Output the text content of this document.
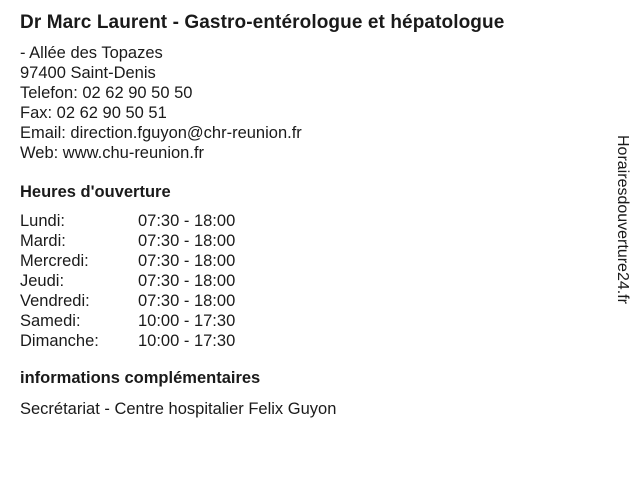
Dr Marc Laurent - Gastro-entérologue et hépatologue
- Allée des Topazes
97400 Saint-Denis
Telefon: 02 62 90 50 50
Fax: 02 62 90 50 51
Email: direction.fguyon@chr-reunion.fr
Web: www.chu-reunion.fr
Heures d'ouverture
Lundi:	07:30 - 18:00
Mardi:	07:30 - 18:00
Mercredi:	07:30 - 18:00
Jeudi:	07:30 - 18:00
Vendredi:	07:30 - 18:00
Samedi:	10:00 - 17:30
Dimanche:	10:00 - 17:30
informations complémentaires
Secrétariat - Centre hospitalier Felix Guyon
Horairesdouverture24.fr
